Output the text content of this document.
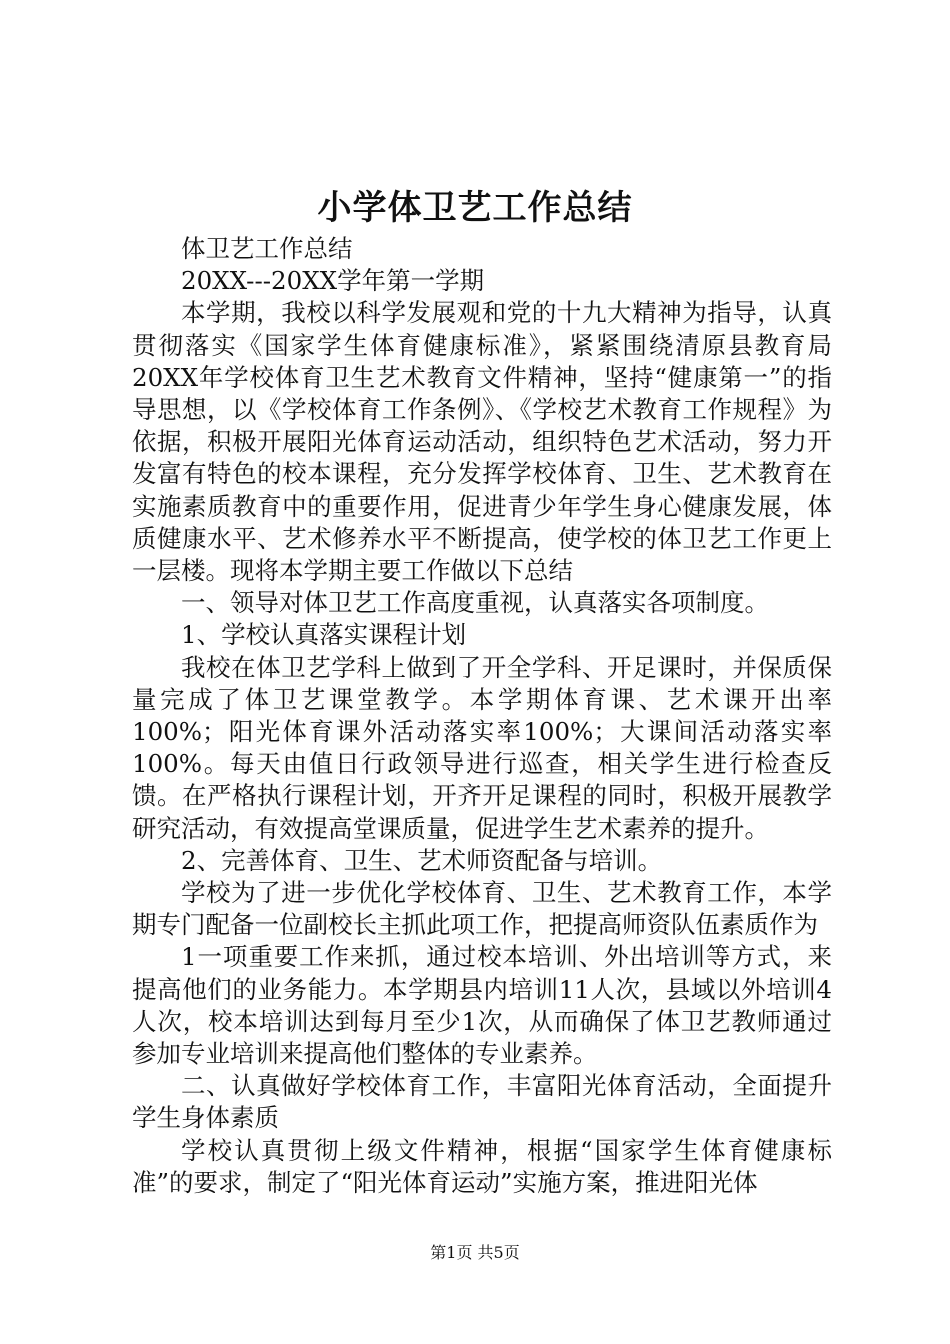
小学体卫艺工作总结

体卫艺工作总结

20XX---20XX学年第一学期

本学期，我校以科学发展观和党的十九大精神为指导，认真贯彻落实《国家学生体育健康标准》，紧紧围绕清原县教育局20XX年学校体育卫生艺术教育文件精神，坚持“健康第一”的指导思想，以《学校体育工作条例》、《学校艺术教育工作规程》为依据，积极开展阳光体育运动活动，组织特色艺术活动，努力开发富有特色的校本课程，充分发挥学校体育、卫生、艺术教育在实施素质教育中的重要作用，促进青少年学生身心健康发展，体质健康水平、艺术修养水平不断提高，使学校的体卫艺工作更上一层楼。现将本学期主要工作做以下总结

一、领导对体卫艺工作高度重视，认真落实各项制度。

1、学校认真落实课程计划

我校在体卫艺学科上做到了开全学科、开足课时，并保质保量完成了体卫艺课堂教学。本学期体育课、艺术课开出率100%；阳光体育课外活动落实率100%；大课间活动落实率100%。每天由值日行政领导进行巡查，相关学生进行检查反馈。在严格执行课程计划，开齐开足课程的同时，积极开展教学研究活动，有效提高堂课质量，促进学生艺术素养的提升。

2、完善体育、卫生、艺术师资配备与培训。

学校为了进一步优化学校体育、卫生、艺术教育工作，本学期专门配备一位副校长主抓此项工作，把提高师资队伍素质作为

1一项重要工作来抓，通过校本培训、外出培训等方式，来提高他们的业务能力。本学期县内培训11人次，县域以外培训4人次，校本培训达到每月至少1次，从而确保了体卫艺教师通过参加专业培训来提高他们整体的专业素养。

二、认真做好学校体育工作，丰富阳光体育活动，全面提升学生身体素质

学校认真贯彻上级文件精神，根据“国家学生体育健康标准”的要求，制定了“阳光体育运动”实施方案，推进阳光体

第1页 共5页
